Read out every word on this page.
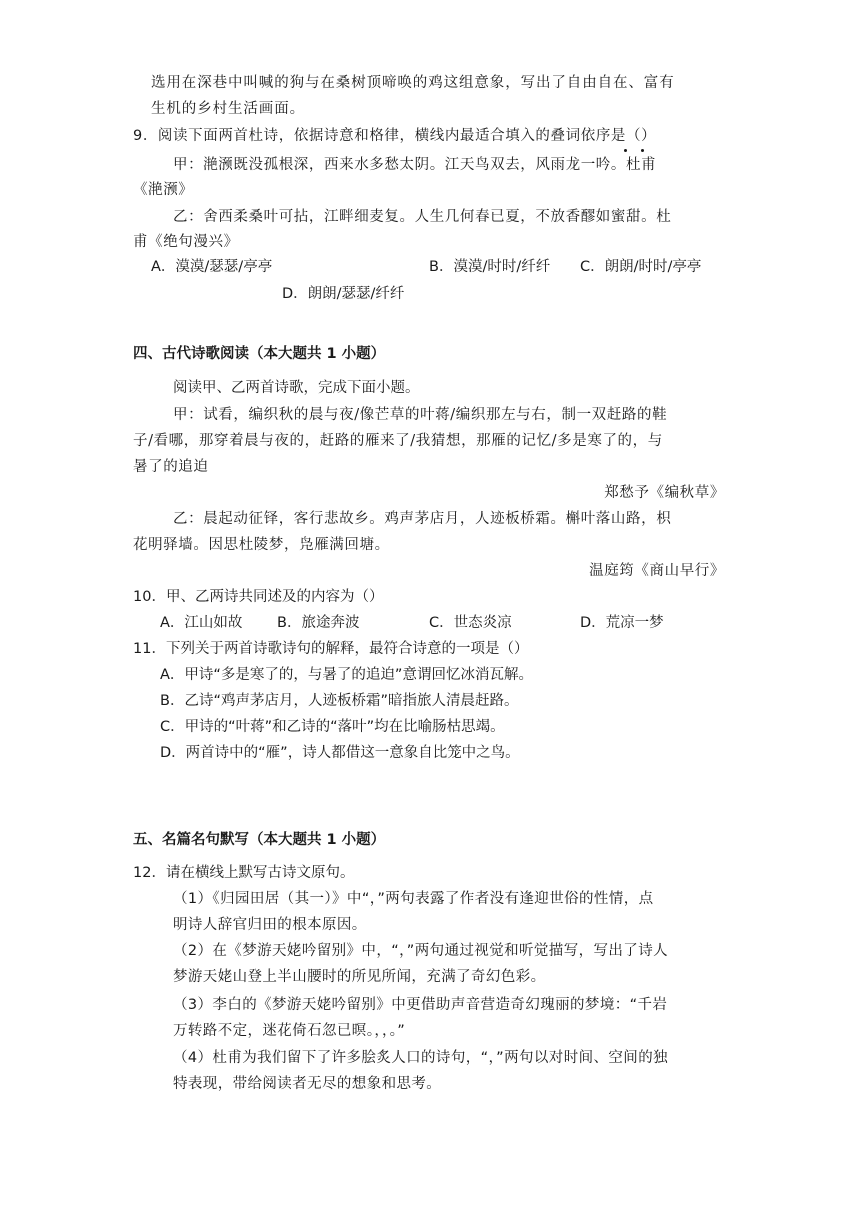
选用在深巷中叫喊的狗与在桑树顶啼唤的鸡这组意象，写出了自由自在、富有
生机的乡村生活画面。
9．阅读下面两首杜诗，依据诗意和格律，横线内最适合填入的叠词依序是（）
甲：滟滪既没孤根深，西来水多愁太阴。江天鸟双去，风雨龙一吟。杜甫
《滟滪》
乙：舍西柔桑叶可拈，江畔细麦复。人生几何春已夏，不放香醪如蜜甜。杜
甫《绝句漫兴》
A．漠漠/瑟瑟/亭亭	B．漠漠/时时/纤纤 C．朗朗/时时/亭亭
D．朗朗/瑟瑟/纤纤
四、古代诗歌阅读（本大题共 1 小题）
阅读甲、乙两首诗歌，完成下面小题。
甲：试看，编织秋的晨与夜/像芒草的叶蒋/编织那左与右，制一双赶路的鞋
子/看哪，那穿着晨与夜的，赶路的雁来了/我猜想，那雁的记忆/多是寒了的，与
暑了的追迫
郑愁予《编秋草》
乙：晨起动征铎，客行悲故乡。鸡声茅店月，人迹板桥霜。槲叶落山路，枳
花明驿墙。因思杜陵梦，凫雁满回塘。
温庭筠《商山早行》
10．甲、乙两诗共同述及的内容为（）
A．江山如故 B．旅途奔波	C．世态炎凉	D．荒凉一梦
11．下列关于两首诗歌诗句的解释，最符合诗意的一项是（）
A．甲诗“多是寒了的，与暑了的追迫”意谓回忆冰消瓦解。
B．乙诗“鸡声茅店月，人迹板桥霜”暗指旅人清晨赶路。
C．甲诗的“叶蒋”和乙诗的“落叶”均在比喻肠枯思竭。
D．两首诗中的“雁”，诗人都借这一意象自比笼中之鸟。
五、名篇名句默写（本大题共 1 小题）
12．请在横线上默写古诗文原句。
（1）《归园田居（其一）》中“，”两句表露了作者没有逢迎世俗的性情，点
明诗人辞官归田的根本原因。
（2）在《梦游天姥吟留别》中，“，”两句通过视觉和听觉描写，写出了诗人
梦游天姥山登上半山腰时的所见所闻，充满了奇幻色彩。
（3）李白的《梦游天姥吟留别》中更借助声音营造奇幻瑰丽的梦境：“千岩
万转路不定，迷花倚石忽已暝。，，。”
（4）杜甫为我们留下了许多脍炙人口的诗句，“，”两句以对时间、空间的独
特表现，带给阅读者无尽的想象和思考。
